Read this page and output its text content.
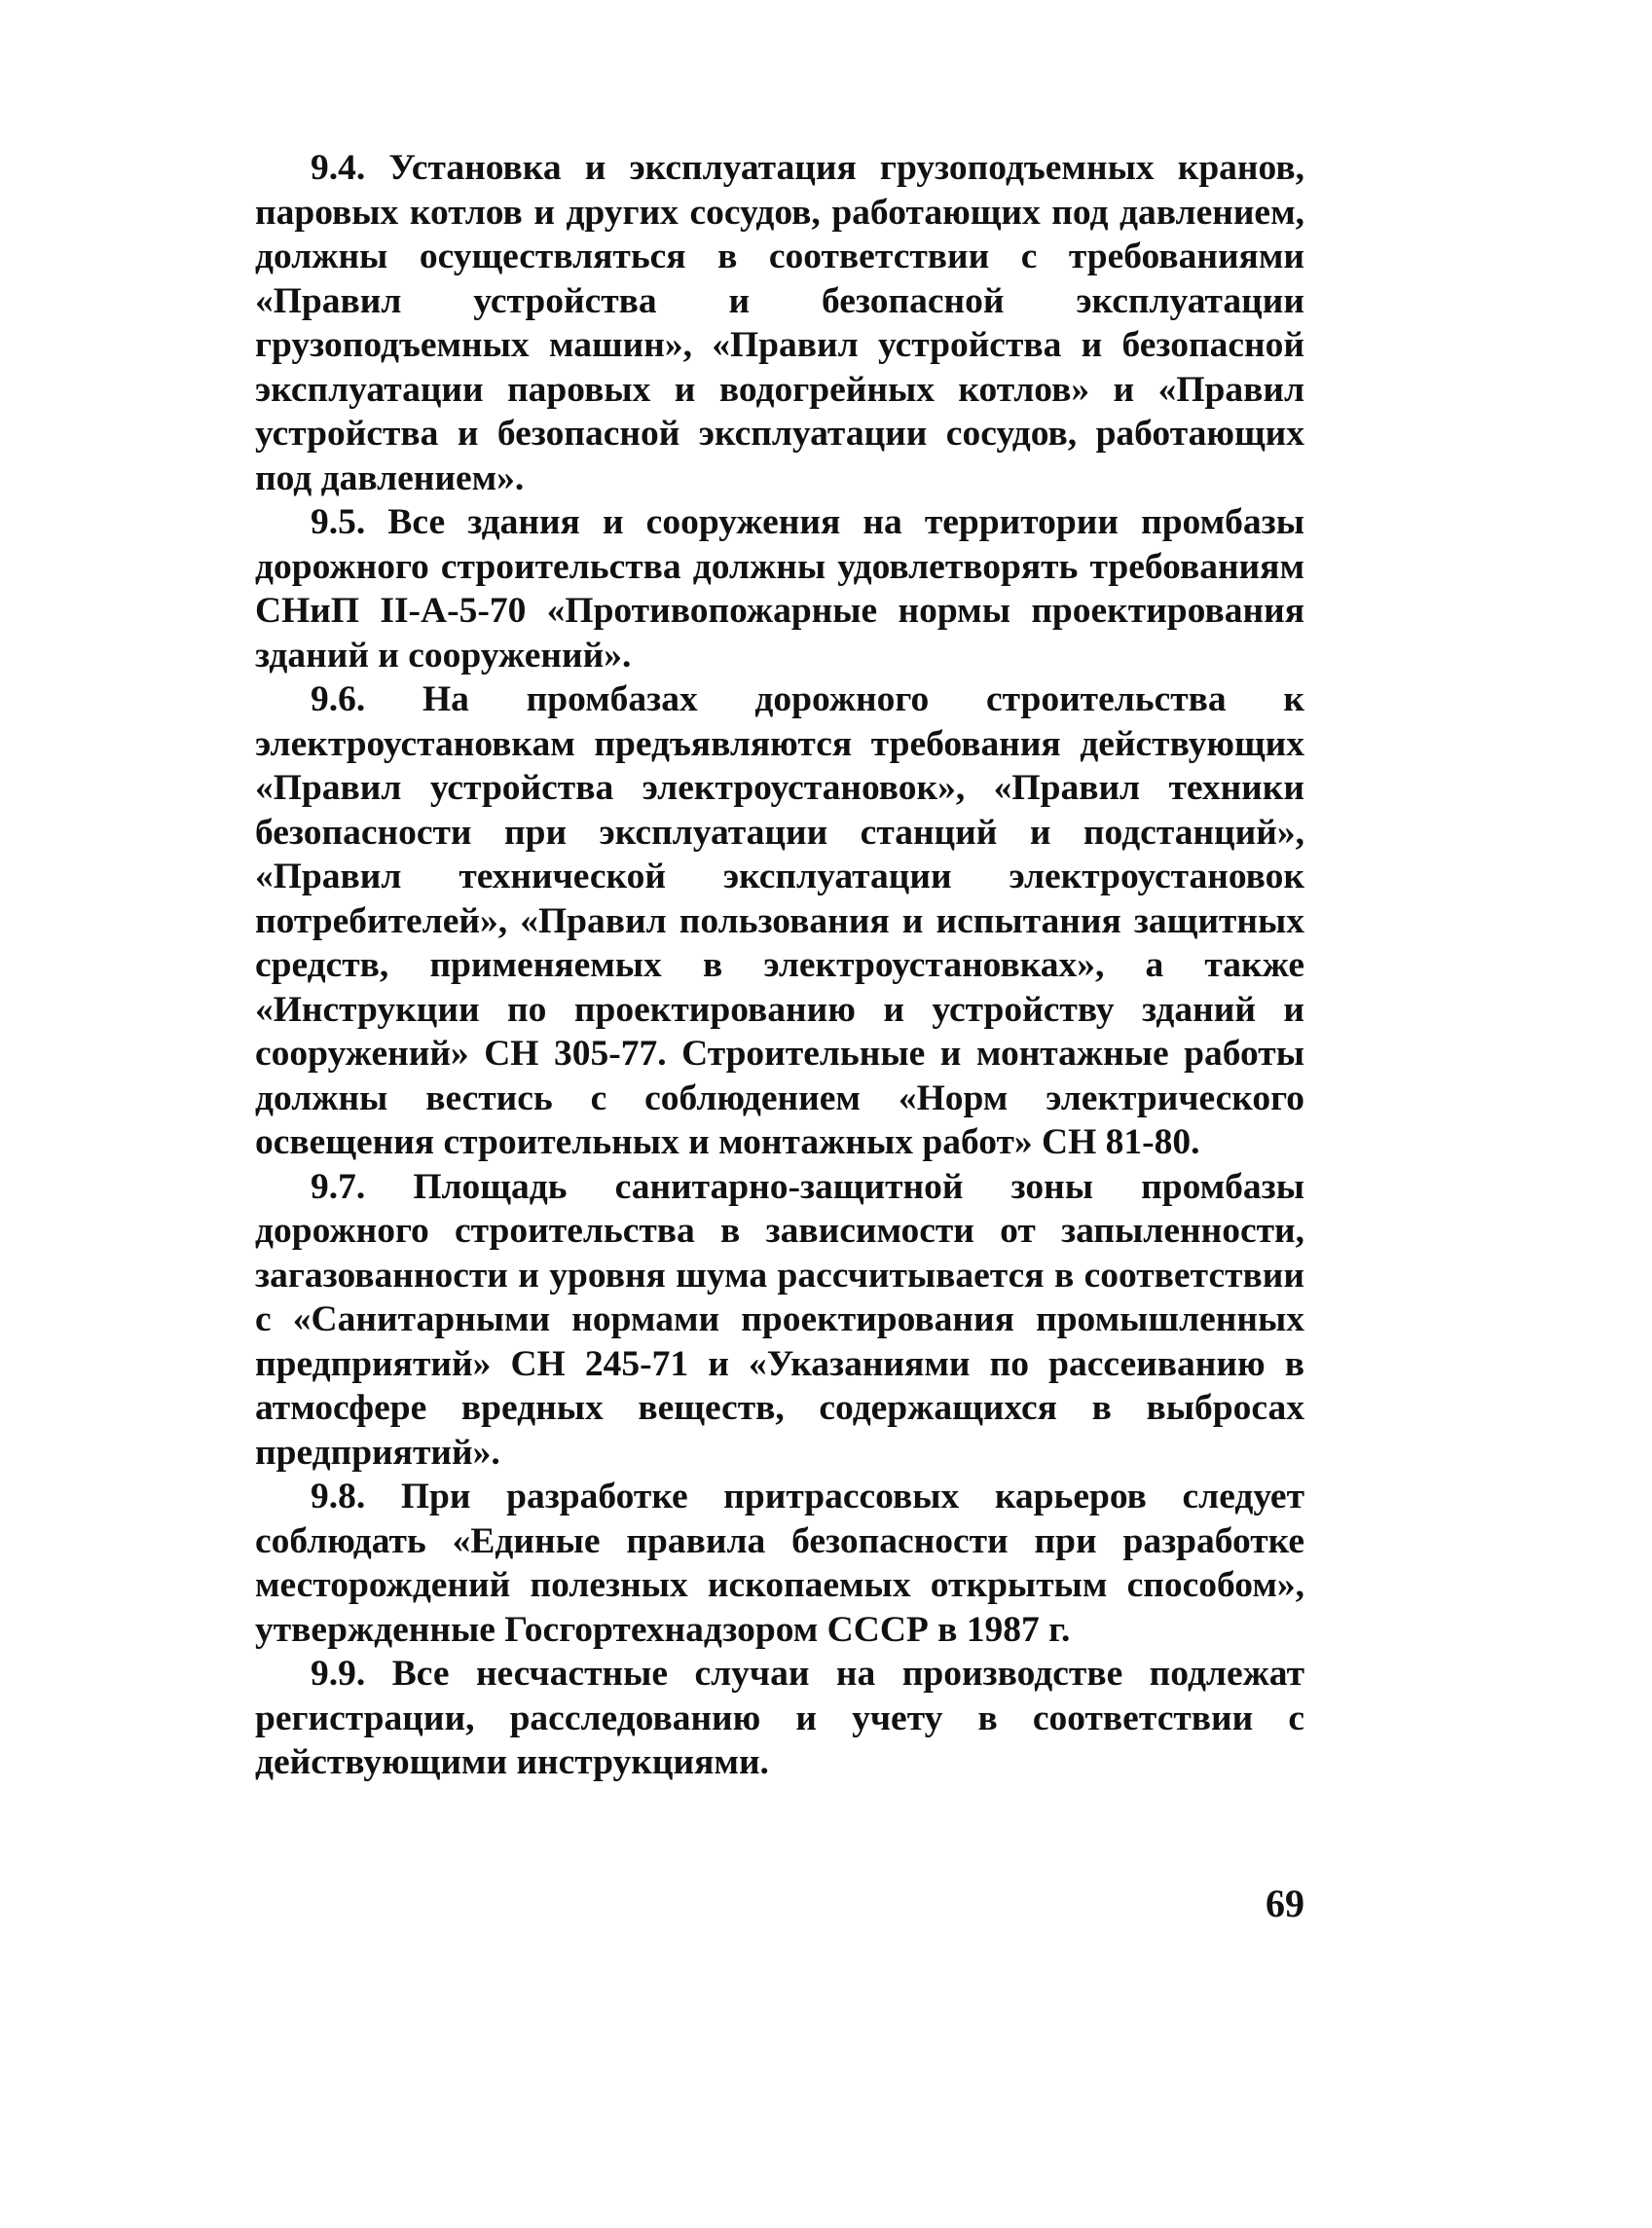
9.4. Установка и эксплуатация грузоподъемных кранов, паровых котлов и других сосудов, работающих под давлением, должны осуществляться в соответствии с требованиями «Правил устройства и безопасной эксплуатации грузоподъемных машин», «Правил устройства и безопасной эксплуатации паровых и водогрейных котлов» и «Правил устройства и безопасной эксплуатации сосудов, работающих под давлением».

9.5. Все здания и сооружения на территории промбазы дорожного строительства должны удовлетворять требованиям СНиП II-А-5-70 «Противопожарные нормы проектирования зданий и сооружений».

9.6. На промбазах дорожного строительства к электроустановкам предъявляются требования действующих «Правил устройства электроустановок», «Правил техники безопасности при эксплуатации станций и подстанций», «Правил технической эксплуатации электроустановок потребителей», «Правил пользования и испытания защитных средств, применяемых в электроустановках», а также «Инструкции по проектированию и устройству зданий и сооружений» СН 305-77. Строительные и монтажные работы должны вестись с соблюдением «Норм электрического освещения строительных и монтажных работ» СН 81-80.

9.7. Площадь санитарно-защитной зоны промбазы дорожного строительства в зависимости от запыленности, загазованности и уровня шума рассчитывается в соответствии с «Санитарными нормами проектирования промышленных предприятий» СН 245-71 и «Указаниями по рассеиванию в атмосфере вредных веществ, содержащихся в выбросах предприятий».

9.8. При разработке притрассовых карьеров следует соблюдать «Единые правила безопасности при разработке месторождений полезных ископаемых открытым способом», утвержденные Госгортехнадзором СССР в 1987 г.

9.9. Все несчастные случаи на производстве подлежат регистрации, расследованию и учету в соответствии с действующими инструкциями.

69
